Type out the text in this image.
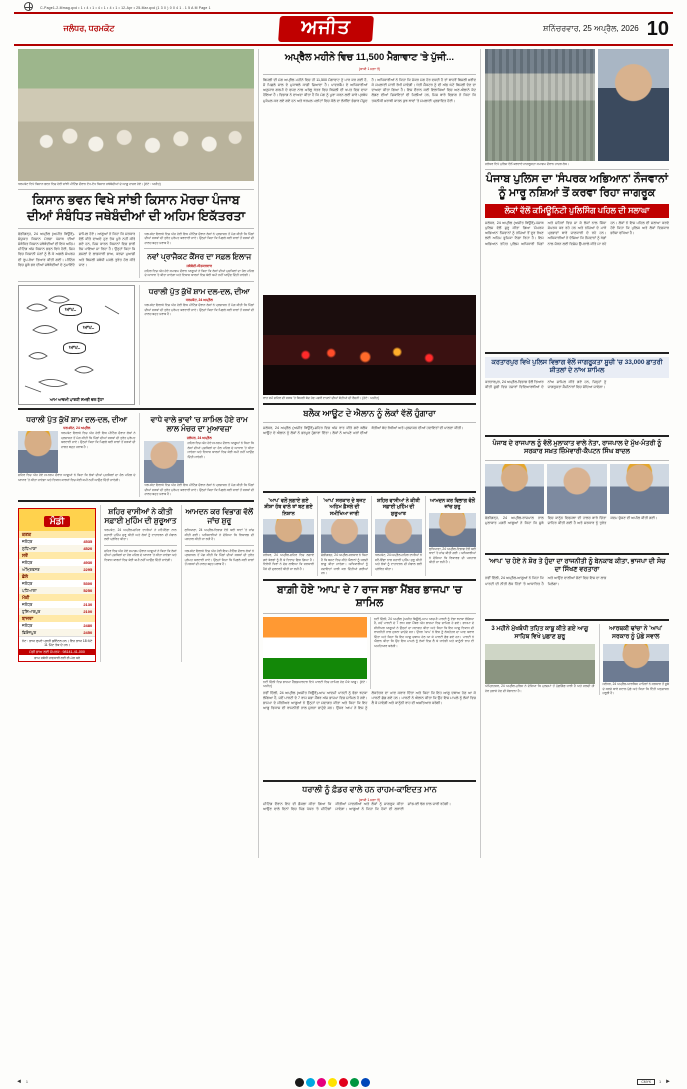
C-Page1-2-Mmag.qxd • 1 • 4 • 1 • 4 • 1 • 4 • 1 • 12-Apr • 25-Mar.qxd (1 3 0 ) 0 0 4 1 . 1 5 A M Page 1
ਜਲੰਧਰ, ਧਰਮਕੋਟ	ਅਜੀਤ	ਸ਼ਨਿੱਚਰਵਾਰ, 25 ਅਪ੍ਰੈਲ, 2026 10
ਧਰਮਕੋਟ ਵਿਖੇ ਕਿਸਾਨ ਭਵਨ ਵਿਚ ਹੋਈ ਸਾਂਝੀ ਮੀਟਿੰਗ ਦੌਰਾਨ ਵੱਖ-ਵੱਖ ਕਿਸਾਨ ਜਥੇਬੰਦੀਆਂ ਦੇ ਆਗੂ ਹਾਜ਼ਰ ਹੋਏ। (ਫੋਟੋ : ਅਜੀਤ)
ਕਿਸਾਨ ਭਵਨ ਵਿਖੇ ਸਾਂਝੀ ਕਿਸਾਨ ਮੋਰਚਾ ਪੰਜਾਬ ਦੀਆਂ ਸੰਬੰਧਿਤ ਜਥੇਬੰਦੀਆਂ ਦੀ ਅਹਿਮ ਇਕੱਤਰਤਾ
ਚੰਡੀਗੜ੍ਹ, 24 ਅਪ੍ਰੈਲ (ਅਜੀਤ ਬਿਊਰੋ)-ਸੰਯੁਕਤ ਕਿਸਾਨ ਮੋਰਚਾ ਪੰਜਾਬ ਦੀਆਂ ਸੰਬੰਧਿਤ ਕਿਸਾਨ ਜਥੇਬੰਦੀਆਂ ਦੀ ਇਕ ਅਹਿਮ ਮੀਟਿੰਗ ਅੱਜ ਕਿਸਾਨ ਭਵਨ ਵਿਖੇ ਹੋਈ, ਜਿਸ ਵਿਚ ਕਿਸਾਨੀ ਮੰਗਾਂ ਨੂੰ ਲੈ ਕੇ ਅਗਲੇ ਸੰਘਰਸ਼ ਦੀ ਰੂਪ-ਰੇਖਾ ਤਿਆਰ ਕੀਤੀ ਗਈ। ਮੀਟਿੰਗ ਵਿਚ ਸੂਬੇ ਭਰ ਦੀਆਂ ਜਥੇਬੰਦੀਆਂ ਦੇ ਨੁਮਾਇੰਦੇ ਸ਼ਾਮਿਲ ਹੋਏ। ਆਗੂਆਂ ਨੇ ਕਿਹਾ ਕਿ ਸਰਕਾਰ ਵੱਲੋਂ ਕੀਤੇ ਵਾਅਦੇ ਹੁਣ ਤੱਕ ਪੂਰੇ ਨਹੀਂ ਕੀਤੇ ਗਏ ਹਨ, ਜਿਸ ਕਾਰਨ ਕਿਸਾਨਾਂ ਵਿਚ ਭਾਰੀ ਰੋਸ ਪਾਇਆ ਜਾ ਰਿਹਾ ਹੈ। ਉਨ੍ਹਾਂ ਕਿਹਾ ਕਿ ਫ਼ਸਲਾਂ ਦੇ ਲਾਭਕਾਰੀ ਭਾਅ, ਕਰਜ਼ਾ ਮੁਆਫ਼ੀ ਅਤੇ ਬਿਜਲੀ ਸਬੰਧੀ ਮਸਲੇ ਤੁਰੰਤ ਹੱਲ ਕੀਤੇ ਜਾਣ।
ਧਰਮਕੋਟ ਇਲਾਕੇ ਵਿਚ ਅੱਜ ਹੋਈ ਇਕ ਮੀਟਿੰਗ ਦੌਰਾਨ ਲੋਕਾਂ ਨੇ ਪ੍ਰਸ਼ਾਸਨ ਤੋਂ ਮੰਗ ਕੀਤੀ ਕਿ ਪਿੰਡਾਂ ਦੀਆਂ ਸੜਕਾਂ ਦੀ ਤੁਰੰਤ ਮੁਰੰਮਤ ਕਰਵਾਈ ਜਾਵੇ। ਉਨ੍ਹਾਂ ਕਿਹਾ ਕਿ ਪਿਛਲੇ ਕਈ ਸਾਲਾਂ ਤੋਂ ਸੜਕਾਂ ਦੀ ਹਾਲਤ ਬਹੁਤ ਖ਼ਰਾਬ ਹੈ।
ਨਵਾਂ ਪ੍ਰਾਜੈਕਟ ਕੈਂਸਰ ਦਾ ਸਫ਼ਲ ਇਲਾਜ
ਜਥੇਬੰਦੀ-ਐਤਕਰਵਾਰ
ਸ਼ਹਿਰ ਵਿਚ ਅੱਜ ਹੋਏ ਸਮਾਗਮ ਦੌਰਾਨ ਆਗੂਆਂ ਨੇ ਕਿਹਾ ਕਿ ਲੋਕਾਂ ਦੀਆਂ ਮੁਸ਼ਕਿਲਾਂ ਦਾ ਹੱਲ ਪਹਿਲ ਦੇ ਆਧਾਰ 'ਤੇ ਕੀਤਾ ਜਾਵੇਗਾ ਅਤੇ ਵਿਕਾਸ ਕਾਰਜਾਂ ਵਿਚ ਕੋਈ ਕਮੀ ਨਹੀਂ ਆਉਣ ਦਿੱਤੀ ਜਾਵੇਗੀ।
ਆਪ..
ਆਪ..
ਆਪ..
ਆਮ ਆਦਮੀ ਪਾਰਟੀ ਸਮਝੀ ਦਲ ਟੁੱਟਾ
ਧਰਾਲੀ ਪੁੱਤ ਕੁੱਖੋਂ ਸ਼ਾਮ ਦਲ-ਦਲ, ਦੀਆ
ਧਰਮਕੋਟ, 24 ਅਪ੍ਰੈਲ
ਧਰਮਕੋਟ ਇਲਾਕੇ ਵਿਚ ਅੱਜ ਹੋਈ ਇਕ ਮੀਟਿੰਗ ਦੌਰਾਨ ਲੋਕਾਂ ਨੇ ਪ੍ਰਸ਼ਾਸਨ ਤੋਂ ਮੰਗ ਕੀਤੀ ਕਿ ਪਿੰਡਾਂ ਦੀਆਂ ਸੜਕਾਂ ਦੀ ਤੁਰੰਤ ਮੁਰੰਮਤ ਕਰਵਾਈ ਜਾਵੇ। ਉਨ੍ਹਾਂ ਕਿਹਾ ਕਿ ਪਿਛਲੇ ਕਈ ਸਾਲਾਂ ਤੋਂ ਸੜਕਾਂ ਦੀ ਹਾਲਤ ਬਹੁਤ ਖ਼ਰਾਬ ਹੈ।
ਧਰਾਲੀ ਪੁੱਤ ਕੁੱਖੋਂ ਸ਼ਾਮ ਦਲ-ਦਲ, ਦੀਆ
ਧਰਮਕੋਟ, 24 ਅਪ੍ਰੈਲ
ਧਰਮਕੋਟ ਇਲਾਕੇ ਵਿਚ ਅੱਜ ਹੋਈ ਇਕ ਮੀਟਿੰਗ ਦੌਰਾਨ ਲੋਕਾਂ ਨੇ ਪ੍ਰਸ਼ਾਸਨ ਤੋਂ ਮੰਗ ਕੀਤੀ ਕਿ ਪਿੰਡਾਂ ਦੀਆਂ ਸੜਕਾਂ ਦੀ ਤੁਰੰਤ ਮੁਰੰਮਤ ਕਰਵਾਈ ਜਾਵੇ। ਉਨ੍ਹਾਂ ਕਿਹਾ ਕਿ ਪਿਛਲੇ ਕਈ ਸਾਲਾਂ ਤੋਂ ਸੜਕਾਂ ਦੀ ਹਾਲਤ ਬਹੁਤ ਖ਼ਰਾਬ ਹੈ।
ਸ਼ਹਿਰ ਵਿਚ ਅੱਜ ਹੋਏ ਸਮਾਗਮ ਦੌਰਾਨ ਆਗੂਆਂ ਨੇ ਕਿਹਾ ਕਿ ਲੋਕਾਂ ਦੀਆਂ ਮੁਸ਼ਕਿਲਾਂ ਦਾ ਹੱਲ ਪਹਿਲ ਦੇ ਆਧਾਰ 'ਤੇ ਕੀਤਾ ਜਾਵੇਗਾ ਅਤੇ ਵਿਕਾਸ ਕਾਰਜਾਂ ਵਿਚ ਕੋਈ ਕਮੀ ਨਹੀਂ ਆਉਣ ਦਿੱਤੀ ਜਾਵੇਗੀ।
ਵਾਧੇ ਵਾਲੇ ਭਾਵਾਂ 'ਚ ਸ਼ਾਮਿਲ ਹੋਏ ਰਾਮ ਲਾਲ ਮੰਚਰ ਦਾ ਮੁਆਵਜ਼ਾ
ਜਲੰਧਰ, 24 ਅਪ੍ਰੈਲ
ਸ਼ਹਿਰ ਵਿਚ ਅੱਜ ਹੋਏ ਸਮਾਗਮ ਦੌਰਾਨ ਆਗੂਆਂ ਨੇ ਕਿਹਾ ਕਿ ਲੋਕਾਂ ਦੀਆਂ ਮੁਸ਼ਕਿਲਾਂ ਦਾ ਹੱਲ ਪਹਿਲ ਦੇ ਆਧਾਰ 'ਤੇ ਕੀਤਾ ਜਾਵੇਗਾ ਅਤੇ ਵਿਕਾਸ ਕਾਰਜਾਂ ਵਿਚ ਕੋਈ ਕਮੀ ਨਹੀਂ ਆਉਣ ਦਿੱਤੀ ਜਾਵੇਗੀ।
ਧਰਮਕੋਟ ਇਲਾਕੇ ਵਿਚ ਅੱਜ ਹੋਈ ਇਕ ਮੀਟਿੰਗ ਦੌਰਾਨ ਲੋਕਾਂ ਨੇ ਪ੍ਰਸ਼ਾਸਨ ਤੋਂ ਮੰਗ ਕੀਤੀ ਕਿ ਪਿੰਡਾਂ ਦੀਆਂ ਸੜਕਾਂ ਦੀ ਤੁਰੰਤ ਮੁਰੰਮਤ ਕਰਵਾਈ ਜਾਵੇ। ਉਨ੍ਹਾਂ ਕਿਹਾ ਕਿ ਪਿਛਲੇ ਕਈ ਸਾਲਾਂ ਤੋਂ ਸੜਕਾਂ ਦੀ ਹਾਲਤ ਬਹੁਤ ਖ਼ਰਾਬ ਹੈ।
ਮੰਡੀ
ਕਣਕ	
ਜਲੰਧਰ	4535
ਲੁਧਿਆਣਾ	4520
ਸਰੋਂ	
ਜਲੰਧਰ	4930
ਅੰਮ੍ਰਿਤਸਰ	2295
ਛੋਲੇ	
ਜਲੰਧਰ	5300
ਪਟਿਆਲਾ	5250
ਮੱਕੀ	
ਜਲੰਧਰ	2130
ਹੁਸ਼ਿਆਰਪੁਰ	2100
ਬਾਜਰਾ	
ਜਲੰਧਰ	2480
ਫ਼ਿਰੋਜ਼ਪੁਰ	2450
ਨੋਟ : ਭਾਅ ਰੁਪਏ ਪ੍ਰਤੀ ਕੁਇੰਟਲ ਹਨ। ਇਹ ਭਾਅ 18 ਘੰਟੇ 11 ਮਿੰਟ ਤੱਕ ਦੇ ਹਨ।
ਮੰਡੀ ਭਾਅ ਲਈ ਸੰਪਰਕ : 98141-41-000
ਭਾਅ ਸਬੰਧੀ ਜਾਣਕਾਰੀ ਲਈ ਈ-ਮੇਲ ਕਰੋ
ਸ਼ਹਿਰ ਵਾਸੀਆਂ ਨੇ ਕੀਤੀ ਸਫ਼ਾਈ ਮੁਹਿੰਮ ਦੀ ਸ਼ੁਰੂਆਤ
ਧਰਮਕੋਟ, 24 ਅਪ੍ਰੈਲ-ਸ਼ਹਿਰ ਵਾਸੀਆਂ ਨੇ ਸਵੈ-ਇੱਛਾ ਨਾਲ ਸਫ਼ਾਈ ਮੁਹਿੰਮ ਸ਼ੁਰੂ ਕੀਤੀ ਅਤੇ ਲੋਕਾਂ ਨੂੰ ਵਾਤਾਵਰਨ ਦੀ ਸੰਭਾਲ ਲਈ ਪ੍ਰੇਰਿਤ ਕੀਤਾ।
ਸ਼ਹਿਰ ਵਿਚ ਅੱਜ ਹੋਏ ਸਮਾਗਮ ਦੌਰਾਨ ਆਗੂਆਂ ਨੇ ਕਿਹਾ ਕਿ ਲੋਕਾਂ ਦੀਆਂ ਮੁਸ਼ਕਿਲਾਂ ਦਾ ਹੱਲ ਪਹਿਲ ਦੇ ਆਧਾਰ 'ਤੇ ਕੀਤਾ ਜਾਵੇਗਾ ਅਤੇ ਵਿਕਾਸ ਕਾਰਜਾਂ ਵਿਚ ਕੋਈ ਕਮੀ ਨਹੀਂ ਆਉਣ ਦਿੱਤੀ ਜਾਵੇਗੀ।
ਆਮਦਨ ਕਰ ਵਿਭਾਗ ਵੱਲੋਂ ਜਾਂਚ ਸ਼ੁਰੂ
ਲੁਧਿਆਣਾ, 24 ਅਪ੍ਰੈਲ-ਵਿਭਾਗ ਵੱਲੋਂ ਕਈ ਥਾਵਾਂ 'ਤੇ ਜਾਂਚ ਕੀਤੀ ਗਈ। ਅਧਿਕਾਰੀਆਂ ਨੇ ਦੱਸਿਆ ਕਿ ਰਿਕਾਰਡ ਦੀ ਪੜਤਾਲ ਕੀਤੀ ਜਾ ਰਹੀ ਹੈ।
ਧਰਮਕੋਟ ਇਲਾਕੇ ਵਿਚ ਅੱਜ ਹੋਈ ਇਕ ਮੀਟਿੰਗ ਦੌਰਾਨ ਲੋਕਾਂ ਨੇ ਪ੍ਰਸ਼ਾਸਨ ਤੋਂ ਮੰਗ ਕੀਤੀ ਕਿ ਪਿੰਡਾਂ ਦੀਆਂ ਸੜਕਾਂ ਦੀ ਤੁਰੰਤ ਮੁਰੰਮਤ ਕਰਵਾਈ ਜਾਵੇ। ਉਨ੍ਹਾਂ ਕਿਹਾ ਕਿ ਪਿਛਲੇ ਕਈ ਸਾਲਾਂ ਤੋਂ ਸੜਕਾਂ ਦੀ ਹਾਲਤ ਬਹੁਤ ਖ਼ਰਾਬ ਹੈ।
ਅਪ੍ਰੈਲ ਮਹੀਨੇ ਵਿਚ 11,500 ਮੈਗਾਵਾਟ 'ਤੇ ਪੁੱਜੀ...
(ਬਾਕੀ 1 ਸਫ਼ਾ ਤੋਂ)
ਬਿਜਲੀ ਦੀ ਮੰਗ ਅਪ੍ਰੈਲ ਮਹੀਨੇ ਵਿਚ ਹੀ 11,500 ਮੈਗਾਵਾਟ ਨੂੰ ਪਾਰ ਕਰ ਗਈ ਹੈ, ਜੋ ਪਿਛਲੇ ਸਾਲ ਦੇ ਮੁਕਾਬਲੇ ਕਾਫ਼ੀ ਜ਼ਿਆਦਾ ਹੈ। ਪਾਵਰਕੌਮ ਦੇ ਅਧਿਕਾਰੀਆਂ ਅਨੁਸਾਰ ਗਰਮੀ ਦੇ ਵਧਣ ਨਾਲ ਘਰੇਲੂ ਖੇਤਰ ਵਿਚ ਬਿਜਲੀ ਦੀ ਖਪਤ ਵਿਚ ਵਾਧਾ ਹੋਇਆ ਹੈ। ਵਿਭਾਗ ਨੇ ਦਾਅਵਾ ਕੀਤਾ ਹੈ ਕਿ ਮੰਗ ਨੂੰ ਪੂਰਾ ਕਰਨ ਲਈ ਸਾਰੇ ਪ੍ਰਬੰਧ ਮੁਕੰਮਲ ਕਰ ਲਏ ਗਏ ਹਨ ਅਤੇ ਥਰਮਲ ਪਲਾਂਟਾਂ ਵਿਚ ਕੋਲੇ ਦਾ ਲੋੜੀਂਦਾ ਭੰਡਾਰ ਮੌਜੂਦ ਹੈ। ਅਧਿਕਾਰੀਆਂ ਨੇ ਕਿਹਾ ਕਿ ਜੇਕਰ ਮੰਗ ਹੋਰ ਵਧਦੀ ਹੈ ਤਾਂ ਬਾਹਰੋਂ ਬਿਜਲੀ ਖ਼ਰੀਦ ਕੇ ਸਪਲਾਈ ਜਾਰੀ ਰੱਖੀ ਜਾਵੇਗੀ। ਖੇਤੀ ਸੈਕਟਰ ਨੂੰ ਵੀ ਅੱਠ ਘੰਟੇ ਬਿਜਲੀ ਦੇਣ ਦਾ ਦਾਅਵਾ ਕੀਤਾ ਗਿਆ ਹੈ। ਇਸ ਦੌਰਾਨ ਕਈ ਇਲਾਕਿਆਂ ਵਿਚ ਅਣ-ਐਲਾਨੇ ਕੱਟ ਲੱਗਣ ਦੀਆਂ ਸ਼ਿਕਾਇਤਾਂ ਵੀ ਮਿਲੀਆਂ ਹਨ, ਜਿਸ ਬਾਰੇ ਵਿਭਾਗ ਨੇ ਕਿਹਾ ਕਿ ਤਕਨੀਕੀ ਖ਼ਰਾਬੀ ਕਾਰਨ ਕੁਝ ਥਾਵਾਂ 'ਤੇ ਸਪਲਾਈ ਪ੍ਰਭਾਵਿਤ ਹੋਈ।
ਰਾਤ ਸਮੇਂ ਸ਼ਹਿਰ ਦੀ ਸੜਕ 'ਤੇ ਬਿਜਲੀ ਬੰਦ ਹੋਣ ਮਗਰੋਂ ਵਾਹਨਾਂ ਦੀਆਂ ਬੱਤੀਆਂ ਦੀ ਰੌਸ਼ਨੀ। (ਫੋਟੋ : ਅਜੀਤ)
ਬਲੈਕ ਆਊਟ ਦੇ ਐਲਾਨ ਨੂੰ ਲੋਕਾਂ ਵੱਲੋਂ ਹੁੰਗਾਰਾ
ਜਲੰਧਰ, 24 ਅਪ੍ਰੈਲ (ਅਜੀਤ ਬਿਊਰੋ)-ਸ਼ਹਿਰ ਵਿਚ ਅੱਜ ਰਾਤ ਕੀਤੇ ਗਏ ਬਲੈਕ ਆਊਟ ਦੇ ਐਲਾਨ ਨੂੰ ਲੋਕਾਂ ਨੇ ਭਰਪੂਰ ਹੁੰਗਾਰਾ ਦਿੱਤਾ। ਲੋਕਾਂ ਨੇ ਆਪਣੇ ਘਰਾਂ ਦੀਆਂ ਬੱਤੀਆਂ ਬੰਦ ਰੱਖੀਆਂ ਅਤੇ ਪ੍ਰਸ਼ਾਸਨ ਦੀਆਂ ਹਦਾਇਤਾਂ ਦੀ ਪਾਲਣਾ ਕੀਤੀ।
'ਆਪ' ਵਲੋਂ ਲਗਾਏ ਗਏ ਸ਼ੀਸ਼ਾ ਹੱਥ ਵਾਲੇ ਤਾਂ ਬਣ ਗਏ ਨਿਸ਼ਾਨ
ਜਲੰਧਰ, 24 ਅਪ੍ਰੈਲ-ਸ਼ਹਿਰ ਵਿਚ ਲਗਾਏ ਗਏ ਬੋਰਡਾਂ ਨੂੰ ਲੈ ਕੇ ਵਿਵਾਦ ਛਿੜ ਗਿਆ ਹੈ। ਵਿਰੋਧੀ ਧਿਰਾਂ ਨੇ ਦੋਸ਼ ਲਾਇਆ ਕਿ ਸਰਕਾਰੀ ਪੈਸੇ ਦੀ ਦੁਰਵਰਤੋਂ ਕੀਤੀ ਜਾ ਰਹੀ ਹੈ।
'ਆਪ' ਸਰਕਾਰ ਦੇ ਬਜਟ ਅਹਿਮ ਫ਼ੈਸਲੇ ਦੀ ਸਮੀਖਿਆ ਜਾਰੀ
ਚੰਡੀਗੜ੍ਹ, 24 ਅਪ੍ਰੈਲ-ਸਰਕਾਰ ਨੇ ਕਿਹਾ ਹੈ ਕਿ ਬਜਟ ਵਿਚ ਕੀਤੇ ਐਲਾਨਾਂ ਨੂੰ ਜਲਦੀ ਲਾਗੂ ਕੀਤਾ ਜਾਵੇਗਾ। ਅਧਿਕਾਰੀਆਂ ਨੂੰ ਹਦਾਇਤਾਂ ਜਾਰੀ ਕਰ ਦਿੱਤੀਆਂ ਗਈਆਂ ਹਨ।
ਸ਼ਹਿਰ ਵਾਸੀਆਂ ਨੇ ਕੀਤੀ ਸਫ਼ਾਈ ਮੁਹਿੰਮ ਦੀ ਸ਼ੁਰੂਆਤ
ਧਰਮਕੋਟ, 24 ਅਪ੍ਰੈਲ-ਸ਼ਹਿਰ ਵਾਸੀਆਂ ਨੇ ਸਵੈ-ਇੱਛਾ ਨਾਲ ਸਫ਼ਾਈ ਮੁਹਿੰਮ ਸ਼ੁਰੂ ਕੀਤੀ ਅਤੇ ਲੋਕਾਂ ਨੂੰ ਵਾਤਾਵਰਨ ਦੀ ਸੰਭਾਲ ਲਈ ਪ੍ਰੇਰਿਤ ਕੀਤਾ।
ਆਮਦਨ ਕਰ ਵਿਭਾਗ ਵੱਲੋਂ ਜਾਂਚ ਸ਼ੁਰੂ
ਲੁਧਿਆਣਾ, 24 ਅਪ੍ਰੈਲ-ਵਿਭਾਗ ਵੱਲੋਂ ਕਈ ਥਾਵਾਂ 'ਤੇ ਜਾਂਚ ਕੀਤੀ ਗਈ। ਅਧਿਕਾਰੀਆਂ ਨੇ ਦੱਸਿਆ ਕਿ ਰਿਕਾਰਡ ਦੀ ਪੜਤਾਲ ਕੀਤੀ ਜਾ ਰਹੀ ਹੈ।
ਬਾਗ਼ੀ ਹੋਏ 'ਆਪ' ਦੇ 7 ਰਾਜ ਸਭਾ ਮੈਂਬਰ ਭਾਜਪਾ 'ਚ ਸ਼ਾਮਿਲ
ਨਵੀਂ ਦਿੱਲੀ ਵਿਚ ਭਾਜਪਾ ਹੈੱਡਕੁਆਰਟਰ ਵਿਖੇ ਪਾਰਟੀ ਵਿਚ ਸ਼ਾਮਿਲ ਹੋਣ ਮੌਕੇ ਆਗੂ। (ਫੋਟੋ : ਅਜੀਤ)
ਨਵੀਂ ਦਿੱਲੀ, 24 ਅਪ੍ਰੈਲ (ਅਜੀਤ ਬਿਊਰੋ)-ਆਮ ਆਦਮੀ ਪਾਰਟੀ ਨੂੰ ਵੱਡਾ ਝਟਕਾ ਲੱਗਿਆ ਹੈ, ਜਦੋਂ ਪਾਰਟੀ ਦੇ 7 ਰਾਜ ਸਭਾ ਮੈਂਬਰ ਅੱਜ ਭਾਜਪਾ ਵਿਚ ਸ਼ਾਮਿਲ ਹੋ ਗਏ। ਭਾਜਪਾ ਦੇ ਸੀਨੀਅਰ ਆਗੂਆਂ ਨੇ ਉਨ੍ਹਾਂ ਦਾ ਸਵਾਗਤ ਕੀਤਾ ਅਤੇ ਕਿਹਾ ਕਿ ਇਹ ਆਗੂ ਵਿਕਾਸ ਦੀ ਰਾਜਨੀਤੀ ਨਾਲ ਜੁੜਨਾ ਚਾਹੁੰਦੇ ਸਨ। ਉਧਰ 'ਆਪ' ਨੇ ਇਸ ਨੂੰ ਲੋਕਤੰਤਰ ਦਾ ਘਾਣ ਕਰਾਰ ਦਿੱਤਾ ਅਤੇ ਕਿਹਾ ਕਿ ਇਹ ਆਗੂ ਦਬਾਅ ਹੇਠ ਆ ਕੇ ਪਾਰਟੀ ਛੱਡ ਗਏ ਹਨ। ਪਾਰਟੀ ਨੇ ਐਲਾਨ ਕੀਤਾ ਕਿ ਉਹ ਇਸ ਮਾਮਲੇ ਨੂੰ ਲੋਕਾਂ ਵਿਚ ਲੈ ਕੇ ਜਾਵੇਗੀ ਅਤੇ ਕਾਨੂੰਨੀ ਰਾਹ ਵੀ ਅਖ਼ਤਿਆਰ ਕਰੇਗੀ।
ਨਵੀਂ ਦਿੱਲੀ, 24 ਅਪ੍ਰੈਲ (ਅਜੀਤ ਬਿਊਰੋ)-ਆਮ ਆਦਮੀ ਪਾਰਟੀ ਨੂੰ ਵੱਡਾ ਝਟਕਾ ਲੱਗਿਆ ਹੈ, ਜਦੋਂ ਪਾਰਟੀ ਦੇ 7 ਰਾਜ ਸਭਾ ਮੈਂਬਰ ਅੱਜ ਭਾਜਪਾ ਵਿਚ ਸ਼ਾਮਿਲ ਹੋ ਗਏ। ਭਾਜਪਾ ਦੇ ਸੀਨੀਅਰ ਆਗੂਆਂ ਨੇ ਉਨ੍ਹਾਂ ਦਾ ਸਵਾਗਤ ਕੀਤਾ ਅਤੇ ਕਿਹਾ ਕਿ ਇਹ ਆਗੂ ਵਿਕਾਸ ਦੀ ਰਾਜਨੀਤੀ ਨਾਲ ਜੁੜਨਾ ਚਾਹੁੰਦੇ ਸਨ। ਉਧਰ 'ਆਪ' ਨੇ ਇਸ ਨੂੰ ਲੋਕਤੰਤਰ ਦਾ ਘਾਣ ਕਰਾਰ ਦਿੱਤਾ ਅਤੇ ਕਿਹਾ ਕਿ ਇਹ ਆਗੂ ਦਬਾਅ ਹੇਠ ਆ ਕੇ ਪਾਰਟੀ ਛੱਡ ਗਏ ਹਨ। ਪਾਰਟੀ ਨੇ ਐਲਾਨ ਕੀਤਾ ਕਿ ਉਹ ਇਸ ਮਾਮਲੇ ਨੂੰ ਲੋਕਾਂ ਵਿਚ ਲੈ ਕੇ ਜਾਵੇਗੀ ਅਤੇ ਕਾਨੂੰਨੀ ਰਾਹ ਵੀ ਅਖ਼ਤਿਆਰ ਕਰੇਗੀ।
ਧਰਾਲੀ ਨੂੰ ਫ਼ੰਡਰ ਵਾਲੇ ਹਨ ਰਾਹਮ-ਕਾਇਦਤ ਮਾਨ
(ਬਾਕੀ 1 ਸਫ਼ਾ ਤੋਂ)
ਮੀਟਿੰਗ ਦੌਰਾਨ ਇਹ ਵੀ ਫ਼ੈਸਲਾ ਕੀਤਾ ਗਿਆ ਕਿ ਆਉਣ ਵਾਲੇ ਦਿਨਾਂ ਵਿਚ ਪਿੰਡ ਪੱਧਰ 'ਤੇ ਮੀਟਿੰਗਾਂ ਕੀਤੀਆਂ ਜਾਣਗੀਆਂ ਅਤੇ ਲੋਕਾਂ ਨੂੰ ਜਾਗਰੂਕ ਕੀਤਾ ਜਾਵੇਗਾ। ਆਗੂਆਂ ਨੇ ਕਿਹਾ ਕਿ ਹੱਕਾਂ ਦੀ ਲੜਾਈ ਸ਼ਾਂਤਮਈ ਢੰਗ ਨਾਲ ਜਾਰੀ ਰਹੇਗੀ।
ਜਲੰਧਰ ਵਿਖੇ ਪੁਲਿਸ ਵੱਲੋਂ ਕਰਵਾਏ ਜਾਗਰੂਕਤਾ ਸਮਾਗਮ ਦੌਰਾਨ ਹਾਜ਼ਰ ਲੋਕ।
ਪੰਜਾਬ ਪੁਲਿਸ ਦਾ 'ਸੰਪਰਕ ਅਭਿਆਨ' ਨੌਜਵਾਨਾਂ ਨੂੰ ਮਾਰੂ ਨਸ਼ਿਆਂ ਤੋਂ ਕਰਵਾ ਰਿਹਾ ਜਾਗਰੂਕ
ਲੋਕਾਂ ਵੱਲੋਂ ਕਮਿਊਨਿਟੀ ਪੁਲਿਸਿੰਗ ਪਹਿਲ ਦੀ ਸਲਾਘਾ
ਜਲੰਧਰ, 24 ਅਪ੍ਰੈਲ (ਅਜੀਤ ਬਿਊਰੋ)-ਪੰਜਾਬ ਪੁਲਿਸ ਵੱਲੋਂ ਸ਼ੁਰੂ ਕੀਤਾ ਗਿਆ 'ਸੰਪਰਕ ਅਭਿਆਨ' ਨੌਜਵਾਨਾਂ ਨੂੰ ਨਸ਼ਿਆਂ ਤੋਂ ਦੂਰ ਰੱਖਣ ਲਈ ਅਹਿਮ ਭੂਮਿਕਾ ਨਿਭਾ ਰਿਹਾ ਹੈ। ਇਸ ਅਭਿਆਨ ਤਹਿਤ ਪੁਲਿਸ ਅਧਿਕਾਰੀ ਪਿੰਡਾਂ ਅਤੇ ਸ਼ਹਿਰਾਂ ਵਿਚ ਜਾ ਕੇ ਲੋਕਾਂ ਨਾਲ ਸਿੱਧਾ ਸੰਪਰਕ ਕਰ ਰਹੇ ਹਨ ਅਤੇ ਨਸ਼ਿਆਂ ਦੇ ਮਾੜੇ ਪ੍ਰਭਾਵਾਂ ਬਾਰੇ ਜਾਣਕਾਰੀ ਦੇ ਰਹੇ ਹਨ। ਅਧਿਕਾਰੀਆਂ ਨੇ ਦੱਸਿਆ ਕਿ ਨੌਜਵਾਨਾਂ ਨੂੰ ਖੇਡਾਂ ਨਾਲ ਜੋੜਨ ਲਈ ਵਿਸ਼ੇਸ਼ ਉਪਰਾਲੇ ਕੀਤੇ ਜਾ ਰਹੇ ਹਨ। ਲੋਕਾਂ ਨੇ ਇਸ ਪਹਿਲ ਦੀ ਸਲਾਘਾ ਕਰਦੇ ਹੋਏ ਕਿਹਾ ਕਿ ਪੁਲਿਸ ਅਤੇ ਲੋਕਾਂ ਵਿਚਕਾਰ ਭਰੋਸਾ ਵਧਿਆ ਹੈ।
ਕਰਤਾਰਪੁਰ ਵਿਖੇ ਪੁਲਿਸ ਵਿਭਾਗ ਵੱਲੋਂ ਜਾਗਰੂਕਤਾ ਸੂਚੀ 'ਚ 33,000 ਛਾਤਰੀ ਸ਼ੀਤਲਾਂ ਦੇ ਨਾਂਅ ਸ਼ਾਮਿਲ
ਕਰਤਾਰਪੁਰ, 24 ਅਪ੍ਰੈਲ-ਵਿਭਾਗ ਵੱਲੋਂ ਤਿਆਰ ਕੀਤੀ ਸੂਚੀ ਵਿਚ ਹਜ਼ਾਰਾਂ ਵਿਦਿਆਰਥੀਆਂ ਦੇ ਨਾਂਅ ਸ਼ਾਮਿਲ ਕੀਤੇ ਗਏ ਹਨ, ਜਿਨ੍ਹਾਂ ਨੂੰ ਜਾਗਰੂਕਤਾ ਸੈਮੀਨਾਰਾਂ ਵਿਚ ਸੱਦਿਆ ਜਾਵੇਗਾ।
ਪੰਜਾਬ ਦੇ ਰਾਜਪਾਲ ਨੂੰ ਵੱਲੋਂ ਮੁਲਾਕਾਤ ਵਾਲੇ ਨੇਤਾ, ਰਾਜਪਾਲ ਦੇ ਮੁੱਖ-ਮੰਤਰੀ ਨੂੰ ਸਰਕਾਰ ਸਖ਼ਤ ਜ਼ਿੰਮੇਵਾਰੀ-ਕੈਪਟਨ ਸਿੰਘ ਬਾਦਲ
ਚੰਡੀਗੜ੍ਹ, 24 ਅਪ੍ਰੈਲ-ਰਾਜਪਾਲ ਨਾਲ ਮੁਲਾਕਾਤ ਮਗਰੋਂ ਆਗੂਆਂ ਨੇ ਕਿਹਾ ਕਿ ਸੂਬੇ ਵਿਚ ਕਾਨੂੰਨ ਵਿਵਸਥਾ ਦੀ ਹਾਲਤ ਬਾਰੇ ਚਿੰਤਾ ਜ਼ਾਹਿਰ ਕੀਤੀ ਗਈ ਹੈ ਅਤੇ ਸਰਕਾਰ ਨੂੰ ਤੁਰੰਤ ਕਦਮ ਚੁੱਕਣ ਦੀ ਅਪੀਲ ਕੀਤੀ ਗਈ।
'ਆਪ' 'ਚ ਹੋਏ ਨੇ ਸ਼ੋਰ ਤੇ ਹੁੰਦਾ ਦਾ ਰਾਜਨੀਤੀ ਨੂੰ ਬੇਨਕਾਬ ਕੀਤਾ, ਭਾਜਪਾ ਦੀ ਸੋਚ ਦਾ ਸਿੱਖਣ ਵਰਤਾਰਾ
ਨਵੀਂ ਦਿੱਲੀ, 24 ਅਪ੍ਰੈਲ-ਆਗੂਆਂ ਨੇ ਕਿਹਾ ਕਿ ਪਾਰਟੀ ਦੀ ਨੀਤੀ ਲੋਕ ਹਿੱਤਾਂ 'ਤੇ ਆਧਾਰਿਤ ਹੈ ਅਤੇ ਆਉਣ ਵਾਲੀਆਂ ਚੋਣਾਂ ਵਿਚ ਇਸ ਦਾ ਲਾਭ ਮਿਲੇਗਾ।
3 ਮਹੀਨੇ ਮੁੱਖਬੰਧੀ ਤਹਿਤ ਕਾਬੂ ਕੀਤੇ ਗਏ ਆਗੂ ਸਾਹਿਬ ਵਿਖੇ ਪੁਛਾਣ ਸ਼ੁਰੂ
ਅੰਮ੍ਰਿਤਸਰ, 24 ਅਪ੍ਰੈਲ-ਪੁਲਿਸ ਨੇ ਦੱਸਿਆ ਕਿ ਮੁਲਜ਼ਮਾਂ ਤੋਂ ਪੁੱਛਗਿੱਛ ਜਾਰੀ ਹੈ ਅਤੇ ਜਲਦੀ ਹੀ ਹੋਰ ਖ਼ੁਲਾਸੇ ਹੋਣ ਦੀ ਸੰਭਾਵਨਾ ਹੈ।
ਆਰਥਕੀ ਢਾਂਚਾ ਨੇ 'ਆਪ' ਸਰਕਾਰ ਨੂੰ ਪੁੱਛੇ ਸਵਾਲ
ਜਲੰਧਰ, 24 ਅਪ੍ਰੈਲ-ਆਰਥਿਕ ਮਾਹਿਰਾਂ ਨੇ ਸਰਕਾਰ ਤੋਂ ਸੂਬੇ ਦੇ ਕਰਜ਼ੇ ਬਾਰੇ ਸਵਾਲ ਪੁੱਛੇ ਅਤੇ ਕਿਹਾ ਕਿ ਵਿੱਤੀ ਅਨੁਸ਼ਾਸਨ ਜ਼ਰੂਰੀ ਹੈ।
◄ 1	CMYK	1 ►
